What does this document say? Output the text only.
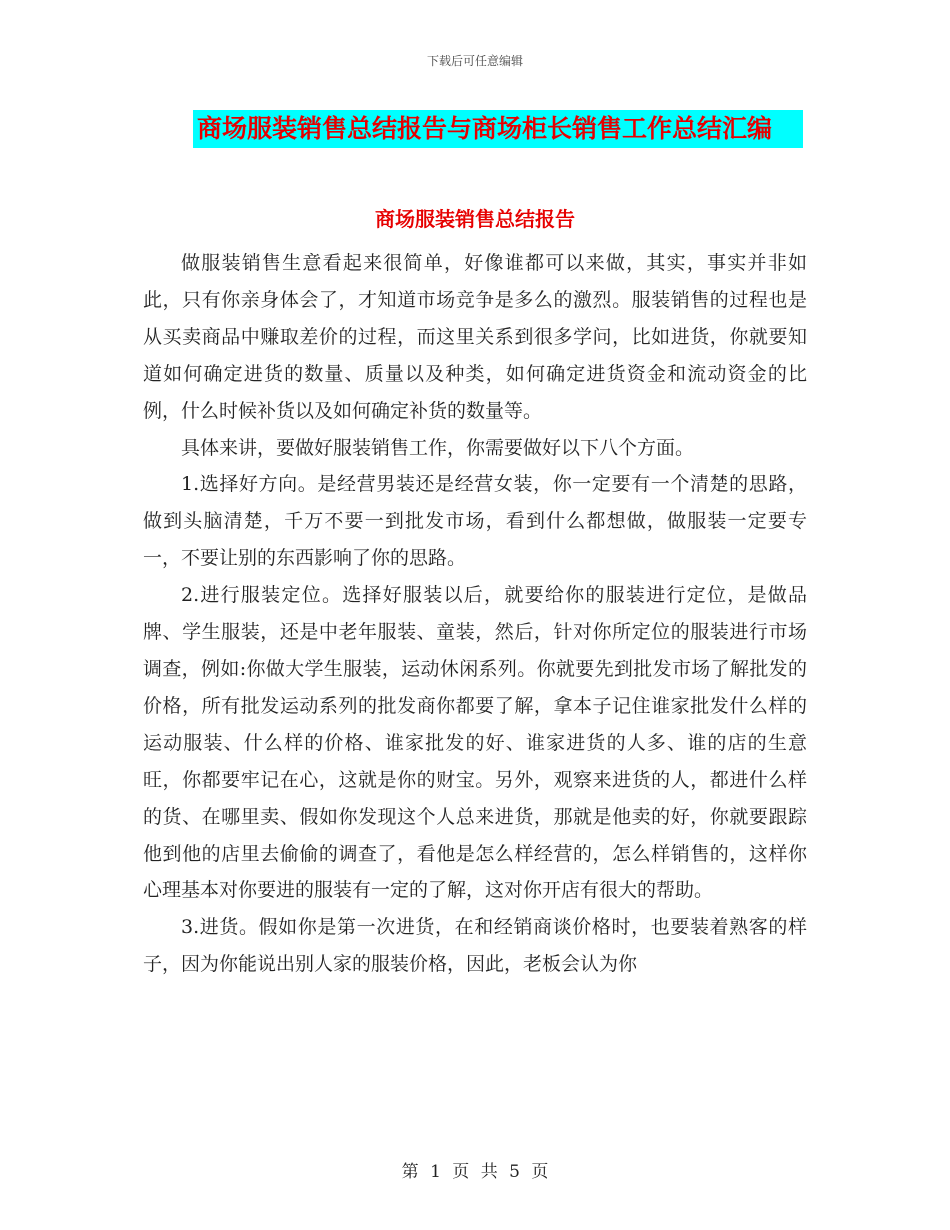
下载后可任意编辑
商场服装销售总结报告与商场柜长销售工作总结汇编
商场服装销售总结报告

做服装销售生意看起来很简单，好像谁都可以来做，其实，事实并非如此，只有你亲身体会了，才知道市场竞争是多么的激烈。服装销售的过程也是从买卖商品中赚取差价的过程，而这里关系到很多学问，比如进货，你就要知道如何确定进货的数量、质量以及种类，如何确定进货资金和流动资金的比例，什么时候补货以及如何确定补货的数量等。

具体来讲，要做好服装销售工作，你需要做好以下八个方面。

1.选择好方向。是经营男装还是经营女装，你一定要有一个清楚的思路，做到头脑清楚，千万不要一到批发市场，看到什么都想做，做服装一定要专一，不要让别的东西影响了你的思路。

2.进行服装定位。选择好服装以后，就要给你的服装进行定位，是做品牌、学生服装，还是中老年服装、童装，然后，针对你所定位的服装进行市场调查，例如:你做大学生服装，运动休闲系列。你就要先到批发市场了解批发的价格，所有批发运动系列的批发商你都要了解，拿本子记住谁家批发什么样的运动服装、什么样的价格、谁家批发的好、谁家进货的人多、谁的店的生意旺，你都要牢记在心，这就是你的财宝。另外，观察来进货的人，都进什么样的货、在哪里卖、假如你发现这个人总来进货，那就是他卖的好，你就要跟踪他到他的店里去偷偷的调查了，看他是怎么样经营的，怎么样销售的，这样你心理基本对你要进的服装有一定的了解，这对你开店有很大的帮助。

3.进货。假如你是第一次进货，在和经销商谈价格时，也要装着熟客的样子，因为你能说出别人家的服装价格，因此，老板会认为你

第 1 页 共 5 页
